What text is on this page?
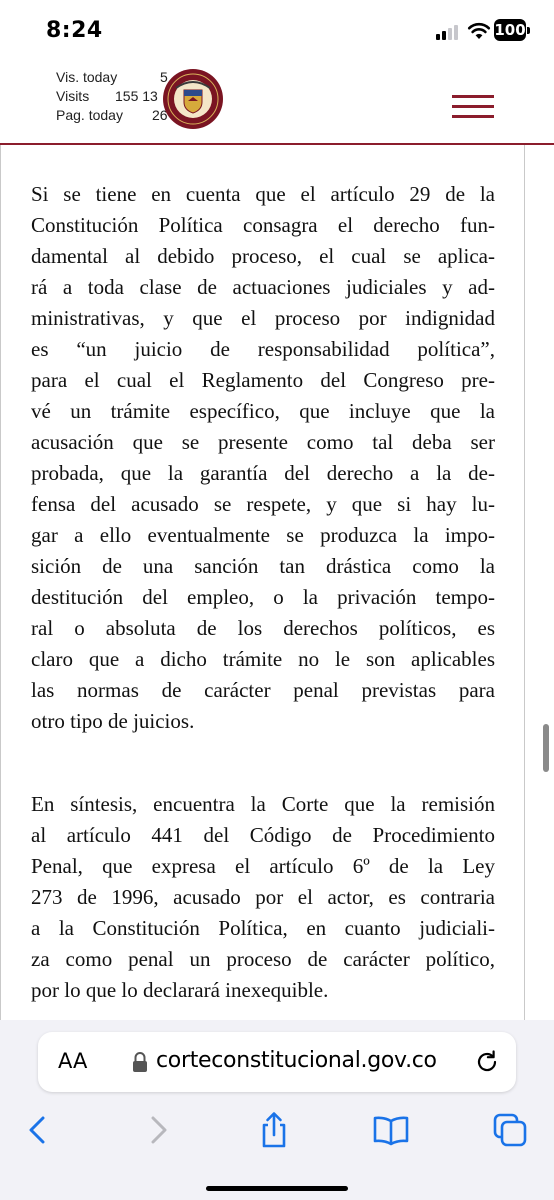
8:24	100
Vis. today	5
Visits 155 13
Pag. today 26
Si se tiene en cuenta que el artículo 29 de la
Constitución Política consagra el derecho fun-
damental al debido proceso, el cual se aplica-
rá a toda clase de actuaciones judiciales y ad-
ministrativas, y que el proceso por indignidad
es “un juicio de responsabilidad política”,
para el cual el Reglamento del Congreso pre-
vé un trámite específico, que incluye que la
acusación que se presente como tal deba ser
probada, que la garantía del derecho a la de-
fensa del acusado se respete, y que si hay lu-
gar a ello eventualmente se produzca la impo-
sición de una sanción tan drástica como la
destitución del empleo, o la privación tempo-
ral o absoluta de los derechos políticos, es
claro que a dicho trámite no le son aplicables
las normas de carácter penal previstas para
otro tipo de juicios.
En síntesis, encuentra la Corte que la remisión
al artículo 441 del Código de Procedimiento
Penal, que expresa el artículo 6º de la Ley
273 de 1996, acusado por el actor, es contraria
a la Constitución Política, en cuanto judiciali-
za como penal un proceso de carácter político,
por lo que lo declarará inexequible.
AA	corteconstitucional.gov.co
